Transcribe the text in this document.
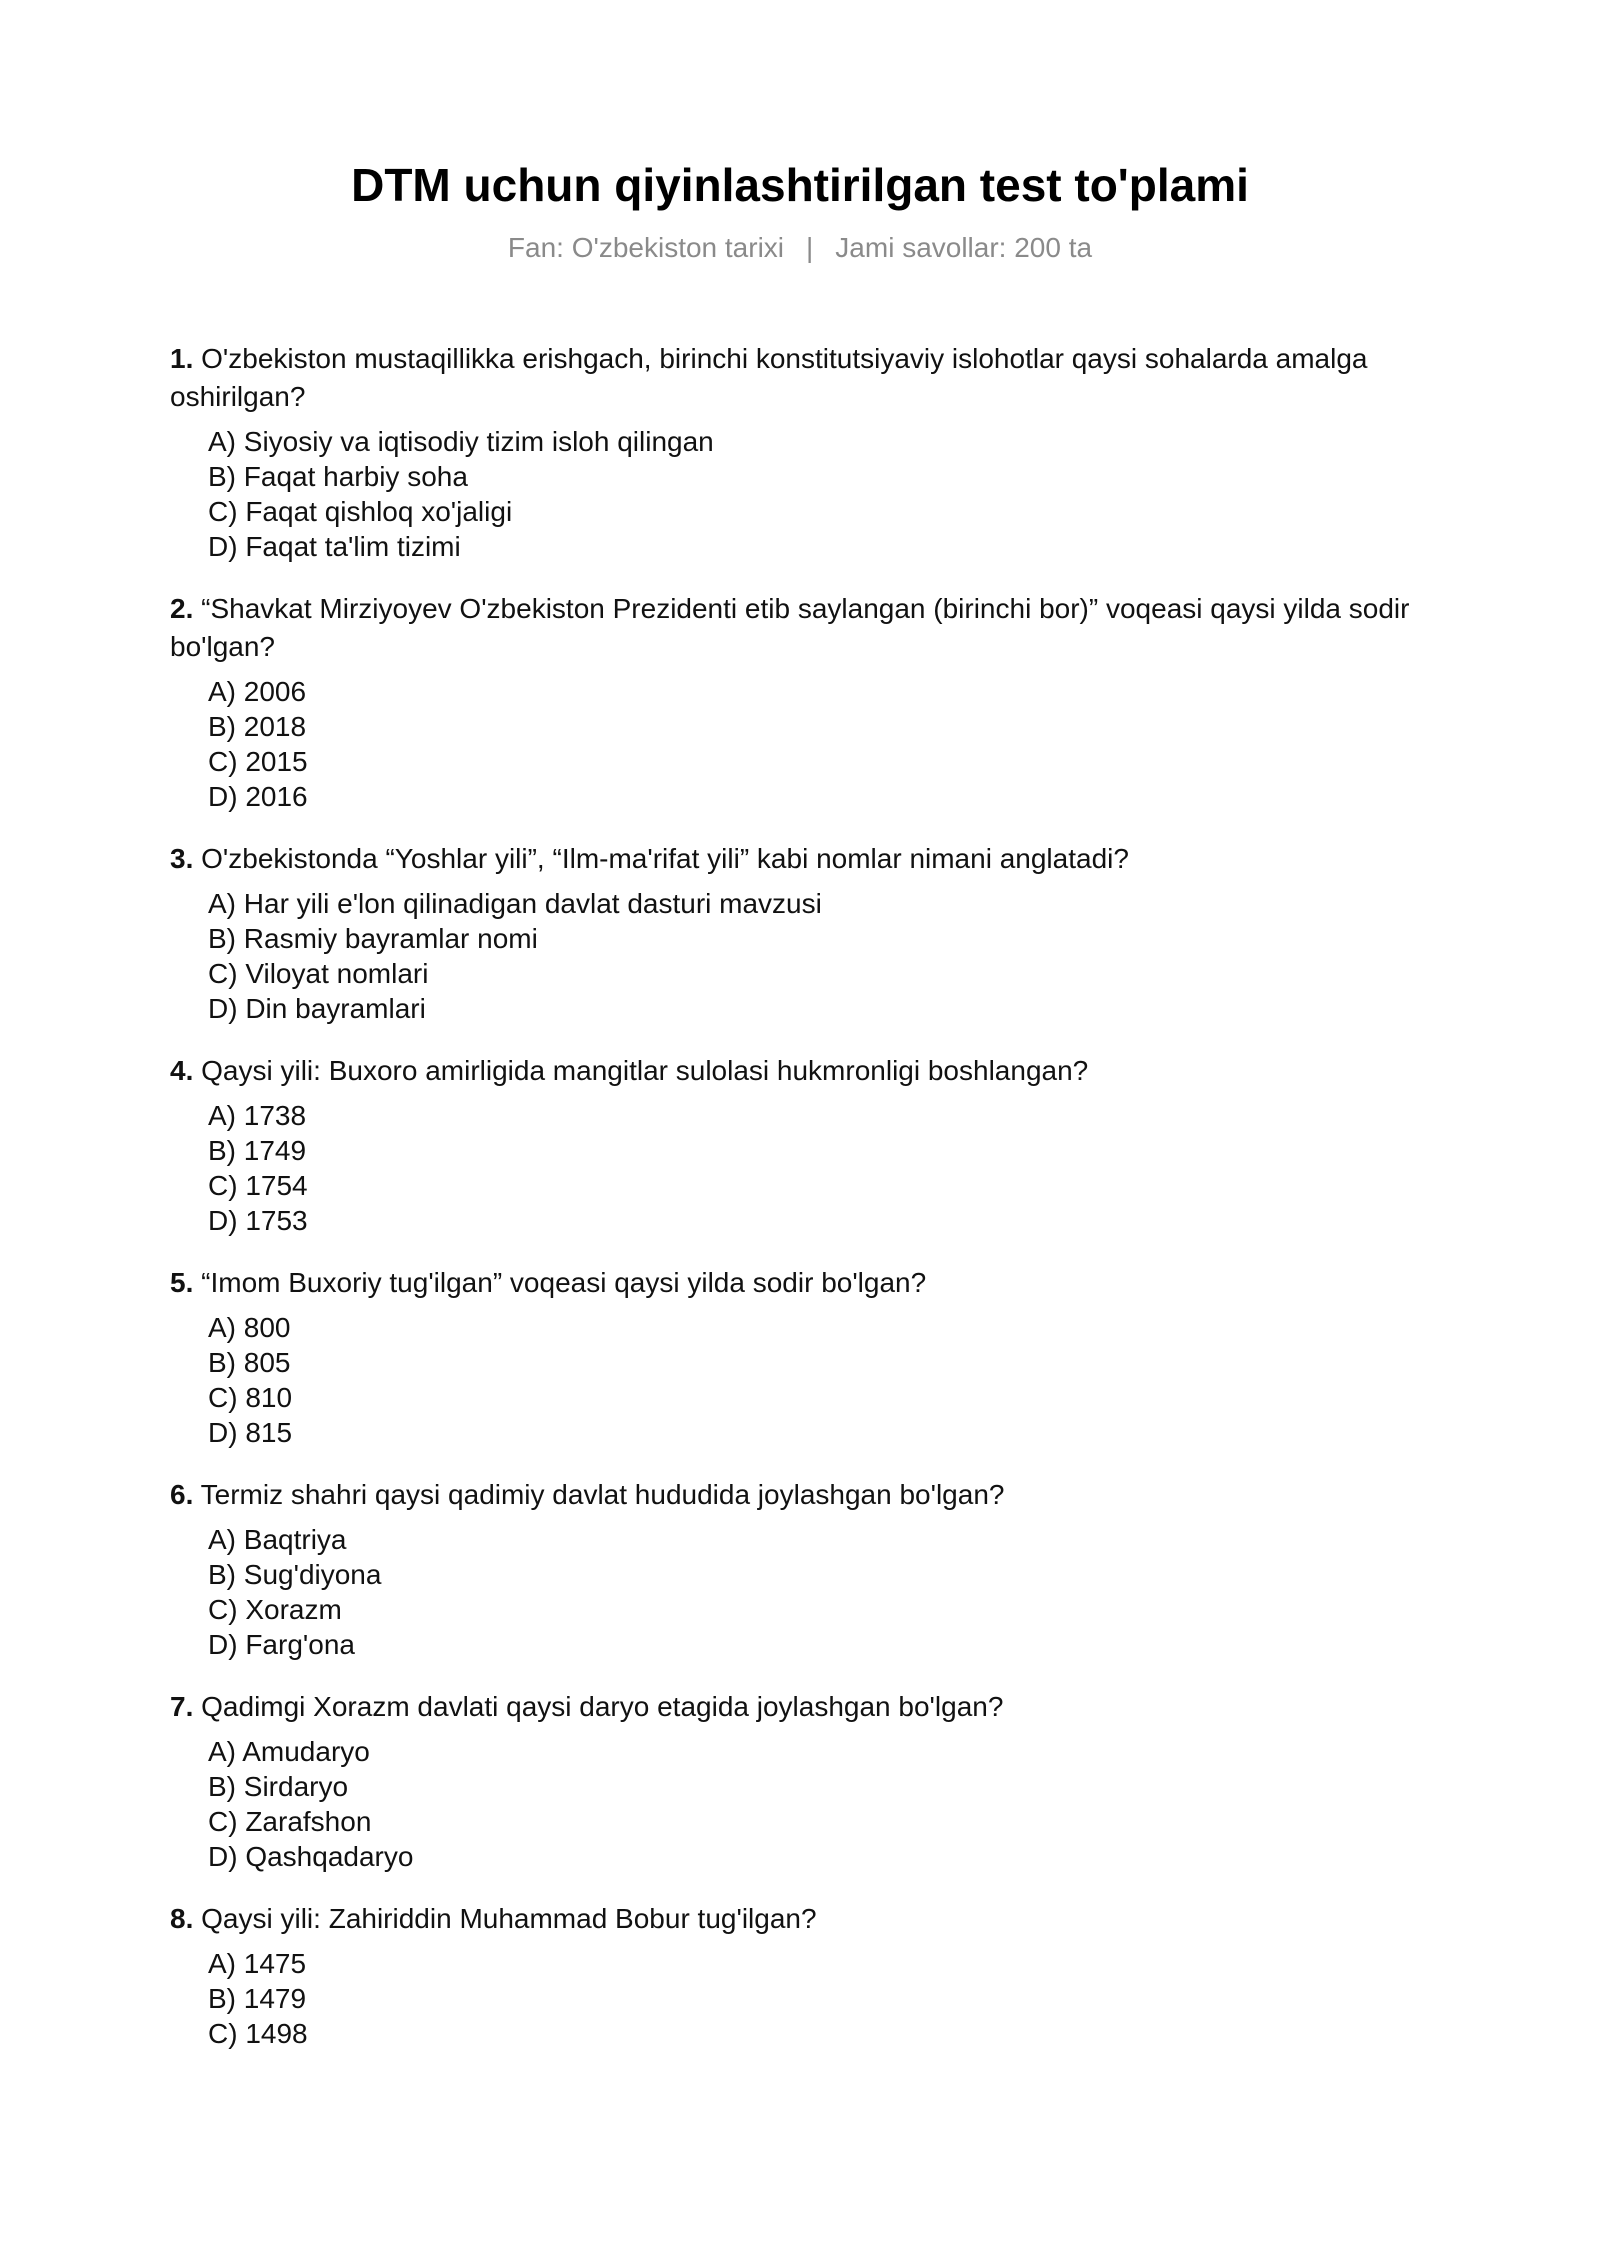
DTM uchun qiyinlashtirilgan test to'plami
Fan: O'zbekiston tarixi | Jami savollar: 200 ta

1. O'zbekiston mustaqillikka erishgach, birinchi konstitutsiyaviy islohotlar qaysi sohalarda amalga oshirilgan?

A) Siyosiy va iqtisodiy tizim isloh qilingan
B) Faqat harbiy soha
C) Faqat qishloq xo'jaligi
D) Faqat ta'lim tizimi

2. “Shavkat Mirziyoyev O'zbekiston Prezidenti etib saylangan (birinchi bor)” voqeasi qaysi yilda sodir bo'lgan?

A) 2006
B) 2018
C) 2015
D) 2016

3. O'zbekistonda “Yoshlar yili”, “Ilm-ma'rifat yili” kabi nomlar nimani anglatadi?

A) Har yili e'lon qilinadigan davlat dasturi mavzusi
B) Rasmiy bayramlar nomi
C) Viloyat nomlari
D) Din bayramlari

4. Qaysi yili: Buxoro amirligida mangitlar sulolasi hukmronligi boshlangan?

A) 1738
B) 1749
C) 1754
D) 1753

5. “Imom Buxoriy tug'ilgan” voqeasi qaysi yilda sodir bo'lgan?

A) 800
B) 805
C) 810
D) 815

6. Termiz shahri qaysi qadimiy davlat hududida joylashgan bo'lgan?

A) Baqtriya
B) Sug'diyona
C) Xorazm
D) Farg'ona

7. Qadimgi Xorazm davlati qaysi daryo etagida joylashgan bo'lgan?

A) Amudaryo
B) Sirdaryo
C) Zarafshon
D) Qashqadaryo

8. Qaysi yili: Zahiriddin Muhammad Bobur tug'ilgan?

A) 1475
B) 1479
C) 1498
